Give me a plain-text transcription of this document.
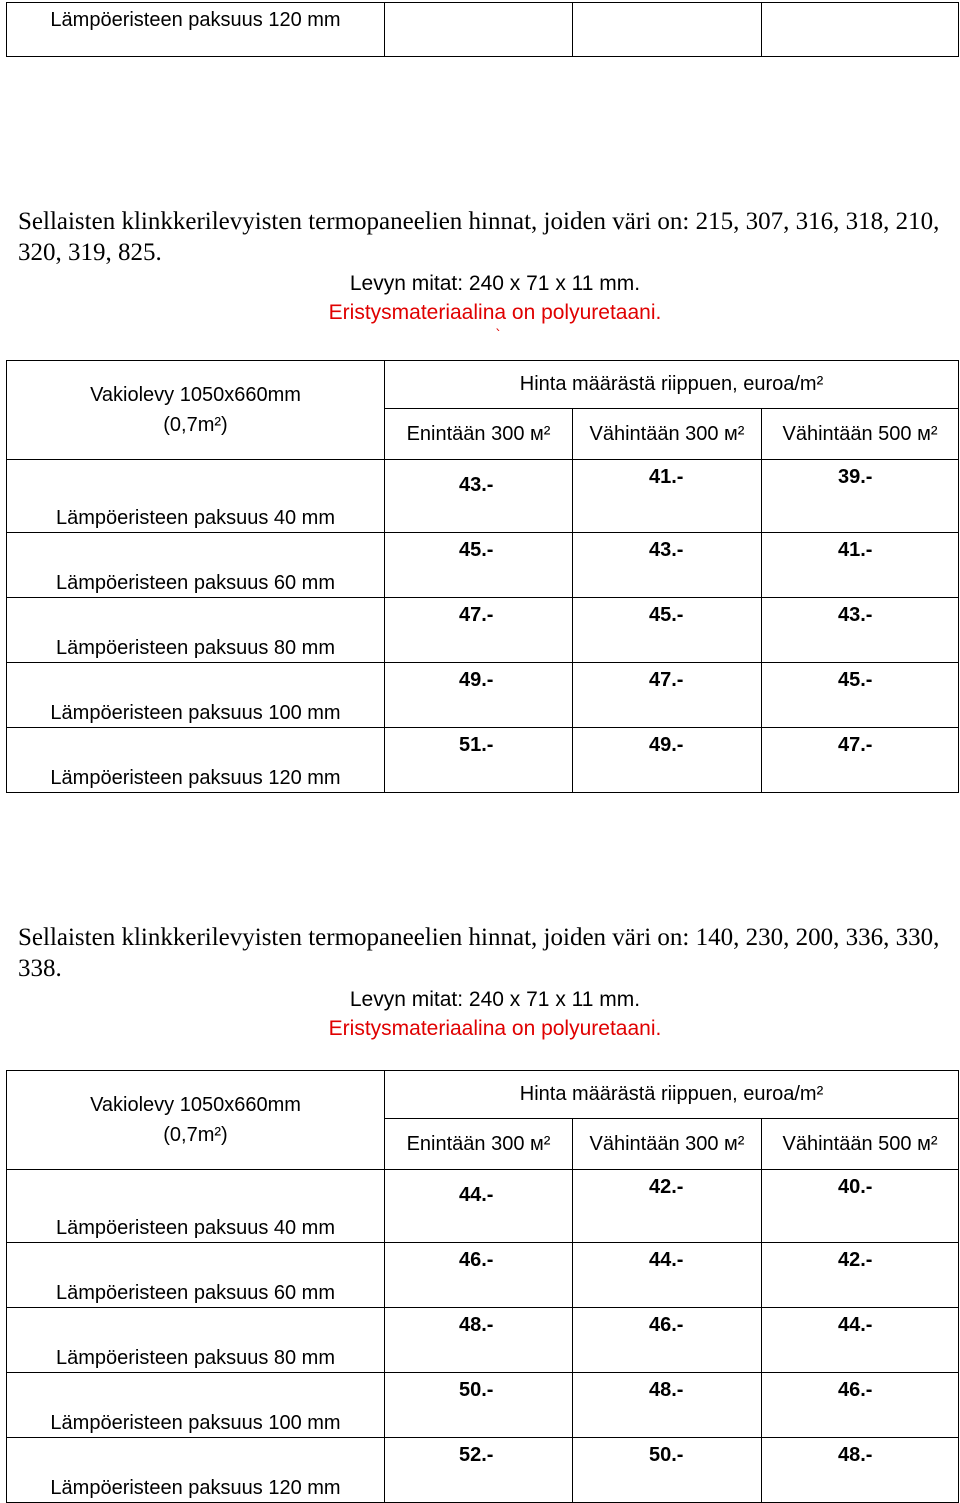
Lämpöeristeen paksuus 120 mm			
Sellaisten klinkkerilevyisten termopaneelien hinnat, joiden väri on: 215, 307, 316, 318, 210, 320, 319, 825.
Levyn mitat: 240 x 71 x 11 mm.
Eristysmateriaalina on polyuretaani.
`
Vakiolevy 1050x660mm
(0,7m²)	Hinta määrästä riippuen, euroa/m²		
	Enintään 300 м²	Vähintään 300 м²	Vähintään 500 м²
Lämpöeristeen paksuus 40 mm	43.-	41.-	39.-
Lämpöeristeen paksuus 60 mm	45.-	43.-	41.-
Lämpöeristeen paksuus 80 mm	47.-	45.-	43.-
Lämpöeristeen paksuus 100 mm	49.-	47.-	45.-
Lämpöeristeen paksuus 120 mm	51.-	49.-	47.-
Sellaisten klinkkerilevyisten termopaneelien hinnat, joiden väri on: 140, 230, 200, 336, 330, 338.
Levyn mitat: 240 x 71 x 11 mm.
Eristysmateriaalina on polyuretaani.
Vakiolevy 1050x660mm
(0,7m²)	Hinta määrästä riippuen, euroa/m²		
	Enintään 300 м²	Vähintään 300 м²	Vähintään 500 м²
Lämpöeristeen paksuus 40 mm	44.-	42.-	40.-
Lämpöeristeen paksuus 60 mm	46.-	44.-	42.-
Lämpöeristeen paksuus 80 mm	48.-	46.-	44.-
Lämpöeristeen paksuus 100 mm	50.-	48.-	46.-
Lämpöeristeen paksuus 120 mm	52.-	50.-	48.-
